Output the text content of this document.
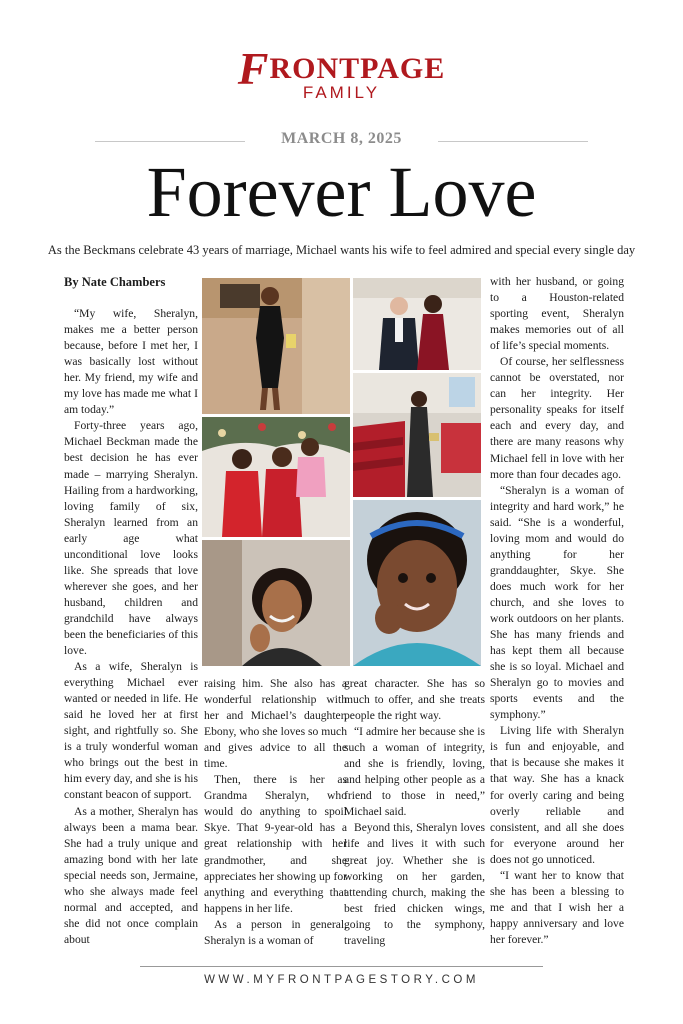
FRONTPAGE
FAMILY
MARCH 8, 2025
Forever Love
As the Beckmans celebrate 43 years of marriage, Michael wants his wife to feel admired and special every single day

By Nate Chambers

“My wife, Sheralyn, makes me a better person because, before I met her, I was basically lost without her. My friend, my wife and my love has made me what I am today.”

Forty-three years ago, Michael Beckman made the best decision he has ever made – marrying Sheralyn. Hailing from a hardworking, loving family of six, Sheralyn learned from an early age what unconditional love looks like. She spreads that love wherever she goes, and her husband, children and grandchild have always been the beneficiaries of this love.

As a wife, Sheralyn is everything Michael ever wanted or needed in life. He said he loved her at first sight, and rightfully so. She is a truly wonderful woman who brings out the best in him every day, and she is his constant beacon of support.

As a mother, Sheralyn has always been a mama bear. She had a truly unique and amazing bond with her late special needs son, Jermaine, who she always made feel normal and accepted, and she did not once complain about

raising him. She also has a wonderful relationship with her and Michael’s daughter, Ebony, who she loves so much and gives advice to all the time.

Then, there is her as Grandma Sheralyn, who would do anything to spoil Skye. That 9-year-old has a great relationship with her grandmother, and she appreciates her showing up for anything and everything that happens in her life.

As a person in general, Sheralyn is a woman of

great character. She has so much to offer, and she treats people the right way.

“I admire her because she is such a woman of integrity, and she is friendly, loving, and helping other people as a friend to those in need,” Michael said.

Beyond this, Sheralyn loves life and lives it with such great joy. Whether she is working on her garden, attending church, making the best fried chicken wings, going to the symphony, traveling

with her husband, or going to a Houston-related sporting event, Sheralyn makes memories out of all of life’s special moments.

Of course, her selflessness cannot be overstated, nor can her integrity. Her personality speaks for itself each and every day, and there are many reasons why Michael fell in love with her more than four decades ago.

“Sheralyn is a woman of integrity and hard work,” he said. “She is a wonderful, loving mom and would do anything for her granddaughter, Skye. She does much work for her church, and she loves to work outdoors on her plants. She has many friends and has kept them all because she is so loyal. Michael and Sheralyn go to movies and sports events and the symphony.”

Living life with Sheralyn is fun and enjoyable, and that is because she makes it that way. She has a knack for overly caring and being overly reliable and consistent, and all she does for everyone around her does not go unnoticed.

“I want her to know that she has been a blessing to me and that I wish her a happy anniversary and love her forever.”

WWW.MYFRONTPAGESTORY.COM
